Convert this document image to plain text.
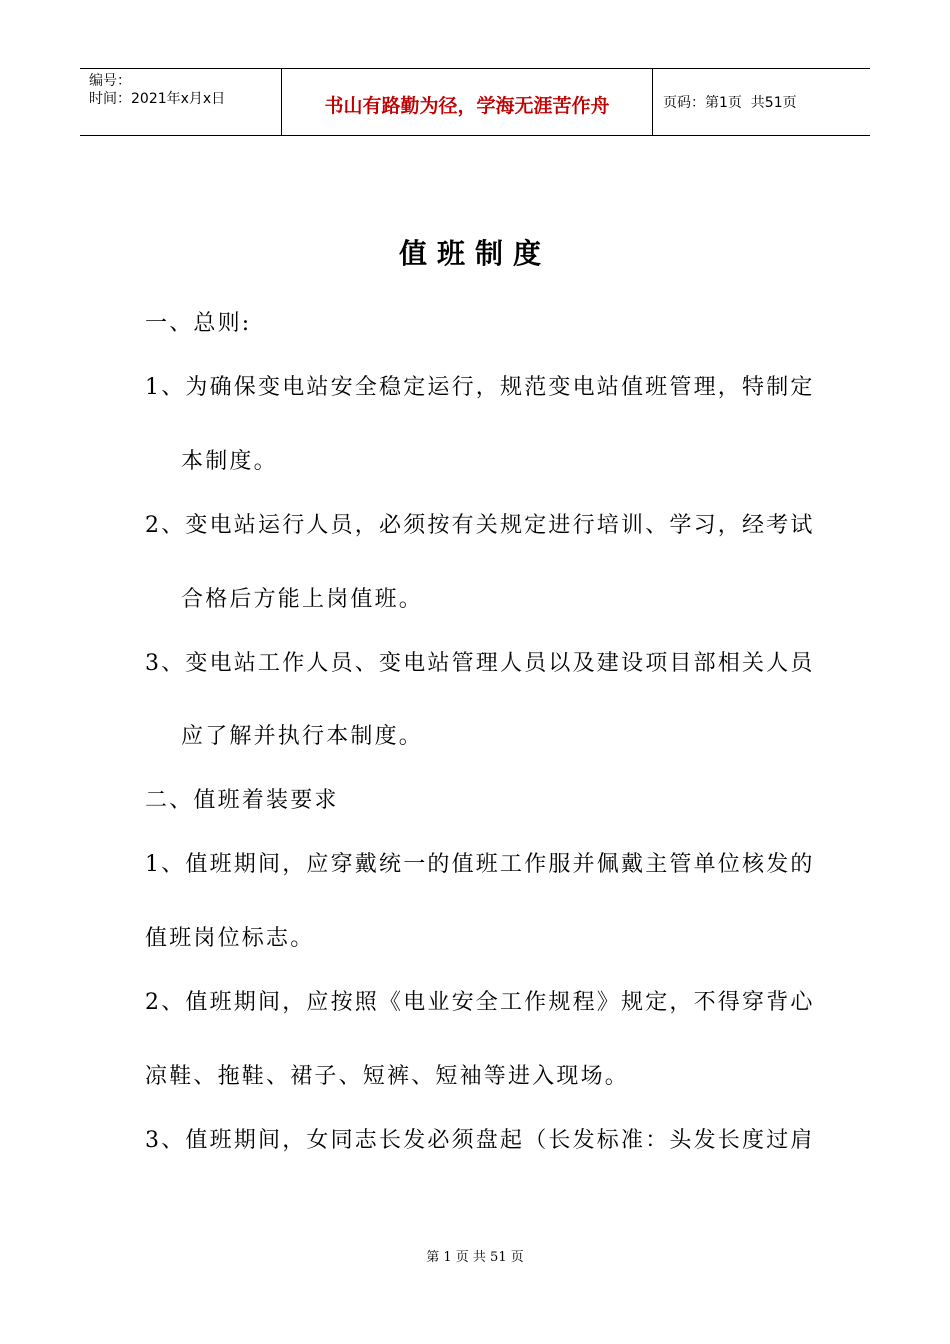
编号：
时间：2021年x月x日	书山有路勤为径，学海无涯苦作舟	页码：第1页  共51页
值班制度
一、总则:
1、为确保变电站安全稳定运行，规范变电站值班管理，特制定
本制度。
2、变电站运行人员，必须按有关规定进行培训、学习，经考试
合格后方能上岗值班。
3、变电站工作人员、变电站管理人员以及建设项目部相关人员
应了解并执行本制度。
二、值班着装要求
1、值班期间，应穿戴统一的值班工作服并佩戴主管单位核发的
值班岗位标志。
2、值班期间，应按照《电业安全工作规程》规定，不得穿背心
凉鞋、拖鞋、裙子、短裤、短袖等进入现场。
3、值班期间，女同志长发必须盘起（长发标准：头发长度过肩
第 1 页 共 51 页
